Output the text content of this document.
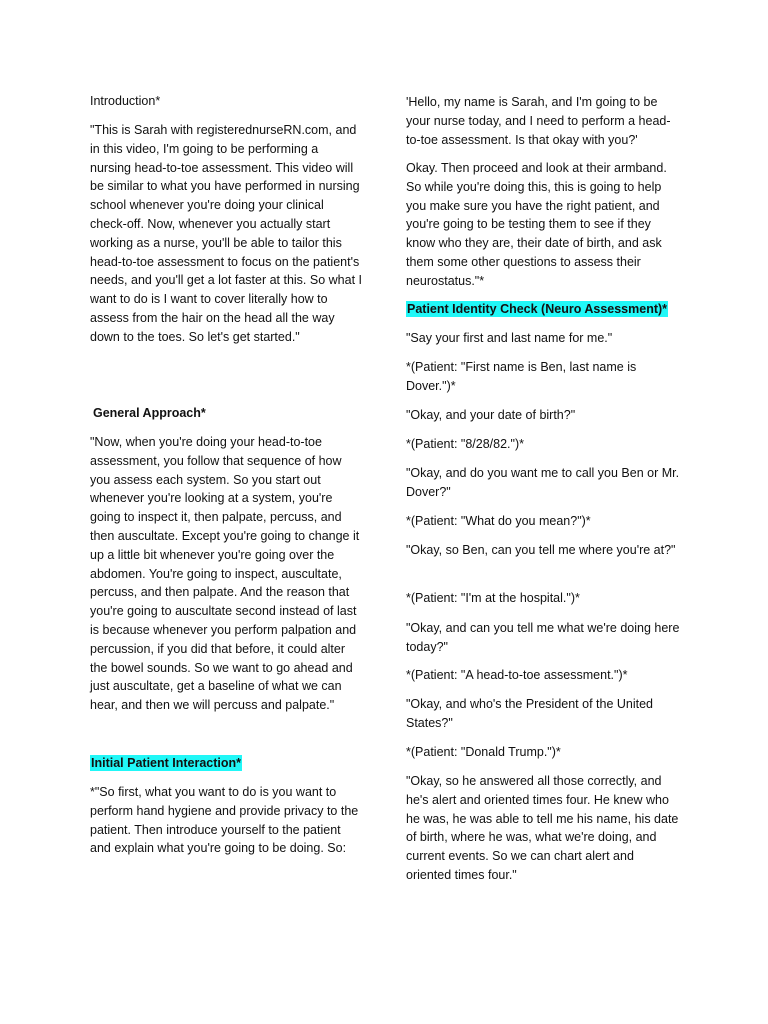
Introduction*

"This is Sarah with registerednurseRN.com, and in this video, I'm going to be performing a nursing head-to-toe assessment. This video will be similar to what you have performed in nursing school whenever you're doing your clinical check-off. Now, whenever you actually start working as a nurse, you'll be able to tailor this head-to-toe assessment to focus on the patient's needs, and you'll get a lot faster at this. So what I want to do is I want to cover literally how to assess from the hair on the head all the way down to the toes. So let's get started."

General Approach*

"Now, when you're doing your head-to-toe assessment, you follow that sequence of how you assess each system. So you start out whenever you're looking at a system, you're going to inspect it, then palpate, percuss, and then auscultate. Except you're going to change it up a little bit whenever you're going over the abdomen. You're going to inspect, auscultate, percuss, and then palpate. And the reason that you're going to auscultate second instead of last is because whenever you perform palpation and percussion, if you did that before, it could alter the bowel sounds. So we want to go ahead and just auscultate, get a baseline of what we can hear, and then we will percuss and palpate."

Initial Patient Interaction*

*"So first, what you want to do is you want to perform hand hygiene and provide privacy to the patient. Then introduce yourself to the patient and explain what you're going to be doing. So:

'Hello, my name is Sarah, and I'm going to be your nurse today, and I need to perform a head-to-toe assessment. Is that okay with you?'

Okay. Then proceed and look at their armband. So while you're doing this, this is going to help you make sure you have the right patient, and you're going to be testing them to see if they know who they are, their date of birth, and ask them some other questions to assess their neurostatus."*

Patient Identity Check (Neuro Assessment)*

"Say your first and last name for me."

*(Patient: "First name is Ben, last name is Dover.")*

"Okay, and your date of birth?"

*(Patient: "8/28/82.")*

"Okay, and do you want me to call you Ben or Mr. Dover?"

*(Patient: "What do you mean?")*

"Okay, so Ben, can you tell me where you're at?"

*(Patient: "I'm at the hospital.")*

"Okay, and can you tell me what we're doing here today?"

*(Patient: "A head-to-toe assessment.")*

"Okay, and who's the President of the United States?"

*(Patient: "Donald Trump.")*

"Okay, so he answered all those correctly, and he's alert and oriented times four. He knew who he was, he was able to tell me his name, his date of birth, where he was, what we're doing, and current events. So we can chart alert and oriented times four."
